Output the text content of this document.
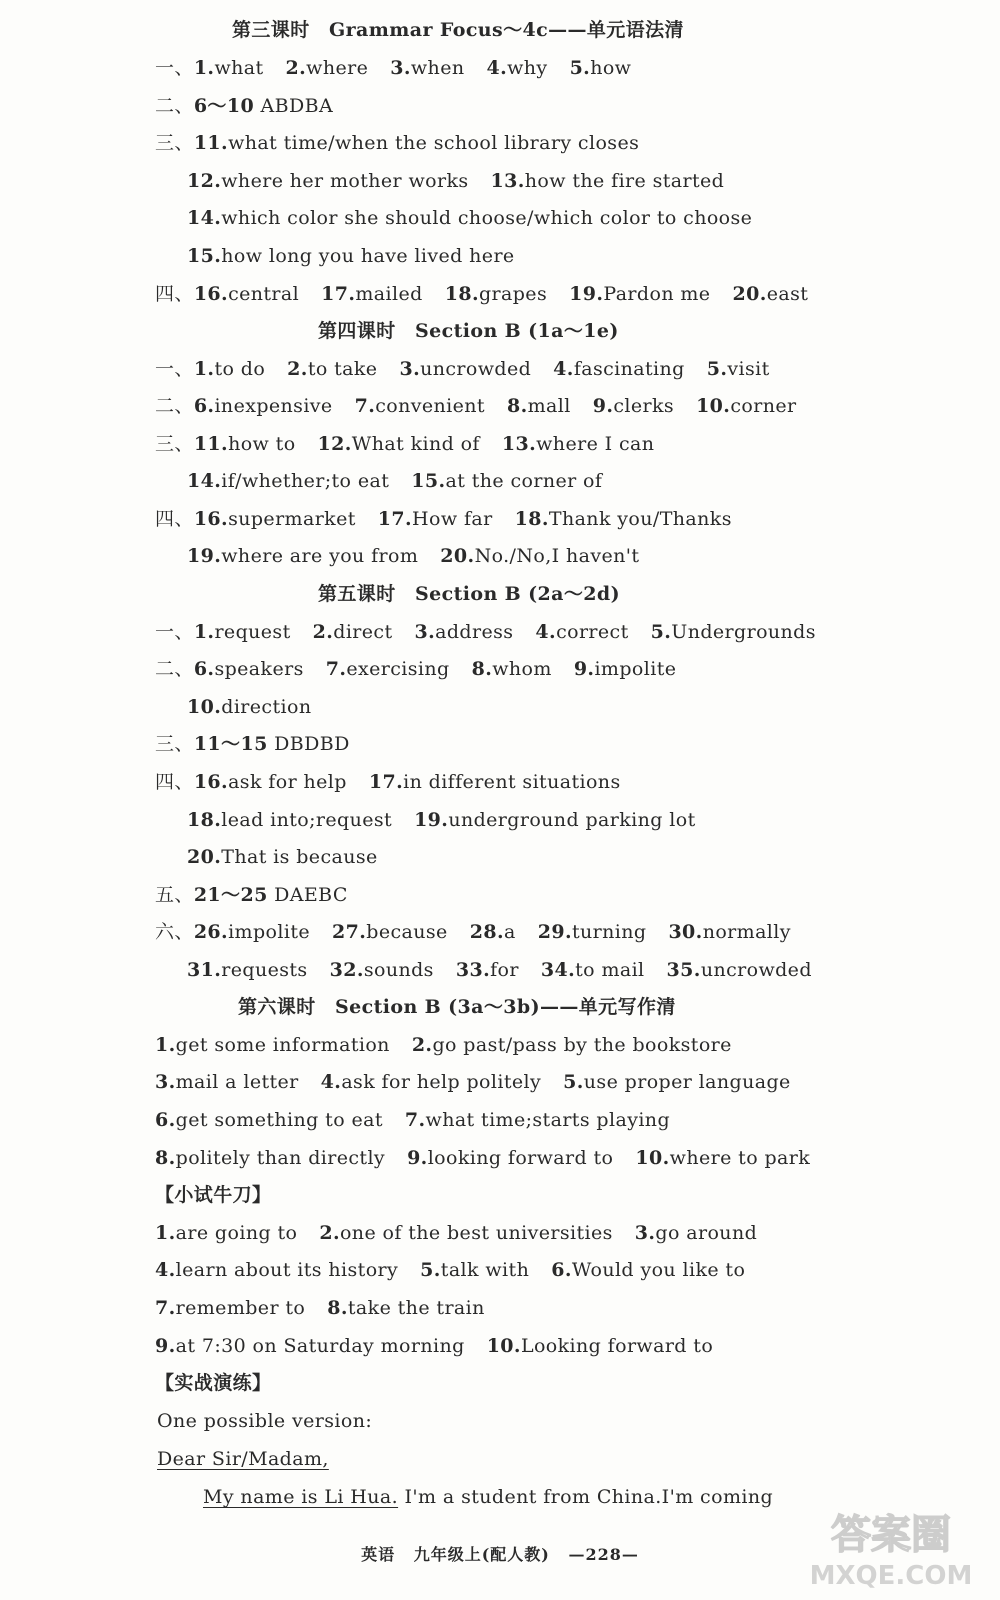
第三课时　Grammar Focus～4c——单元语法清
一、1.what 2.where 3.when 4.why 5.how
二、6～10 ABDBA
三、11.what time/when the school library closes
12.where her mother works 13.how the fire started
14.which color she should choose/which color to choose
15.how long you have lived here
四、16.central 17.mailed 18.grapes 19.Pardon me 20.east
第四课时　Section B (1a～1e)
一、1.to do 2.to take 3.uncrowded 4.fascinating 5.visit
二、6.inexpensive 7.convenient 8.mall 9.clerks 10.corner
三、11.how to 12.What kind of 13.where I can
14.if/whether;to eat 15.at the corner of
四、16.supermarket 17.How far 18.Thank you/Thanks
19.where are you from 20.No./No,I haven't
第五课时　Section B (2a～2d)
一、1.request 2.direct 3.address 4.correct 5.Undergrounds
二、6.speakers 7.exercising 8.whom 9.impolite
10.direction
三、11～15 DBDBD
四、16.ask for help 17.in different situations
18.lead into;request 19.underground parking lot
20.That is because
五、21～25 DAEBC
六、26.impolite 27.because 28.a 29.turning 30.normally
31.requests 32.sounds 33.for 34.to mail 35.uncrowded
第六课时　Section B (3a～3b)——单元写作清
1.get some information 2.go past/pass by the bookstore
3.mail a letter 4.ask for help politely 5.use proper language
6.get something to eat 7.what time;starts playing
8.politely than directly 9.looking forward to 10.where to park
【小试牛刀】
1.are going to 2.one of the best universities 3.go around
4.learn about its history 5.talk with 6.Would you like to
7.remember to 8.take the train
9.at 7:30 on Saturday morning 10.Looking forward to
【实战演练】
One possible version:
Dear Sir/Madam,
My name is Li Hua. I'm a student from China.I'm coming
英语 九年级上(配人教) —228—	答案圈
MXQE.COM
